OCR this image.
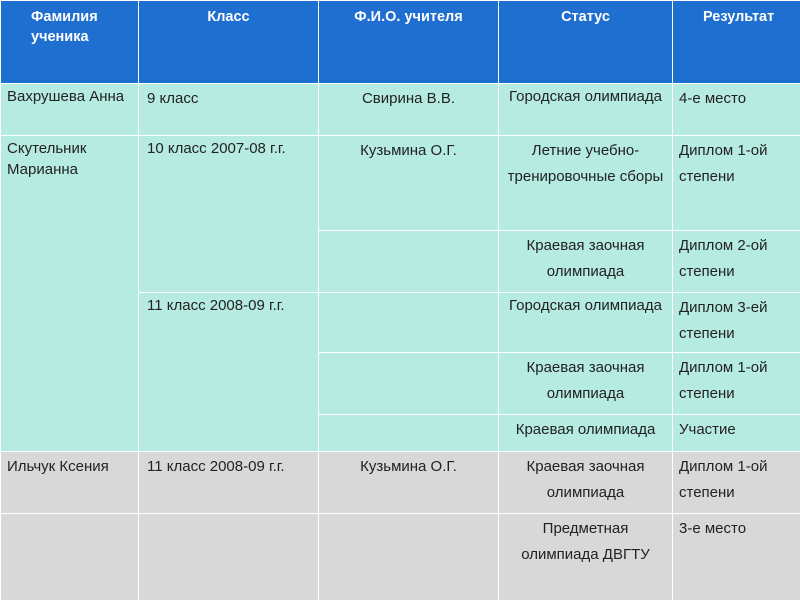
Фамилия ученика	Класс	Ф.И.О. учителя	Статус	Результат
Вахрушева Анна	9 класс	Свирина В.В.	Городская олимпиада	4-е место
Скутельник Марианна	10 класс 2007-08 г.г.	Кузьмина О.Г.	Летние учебно-тренировочные сборы	Диплом 1-ой степени
			Краевая заочная олимпиада	Диплом 2-ой степени
	11 класс 2008-09 г.г.		Городская олимпиада	Диплом 3-ей степени
			Краевая заочная олимпиада	Диплом 1-ой степени
			Краевая олимпиада	Участие
Ильчук Ксения	11 класс 2008-09 г.г.	Кузьмина О.Г.	Краевая заочная олимпиада	Диплом 1-ой степени
			Предметная олимпиада ДВГТУ	3-е место
